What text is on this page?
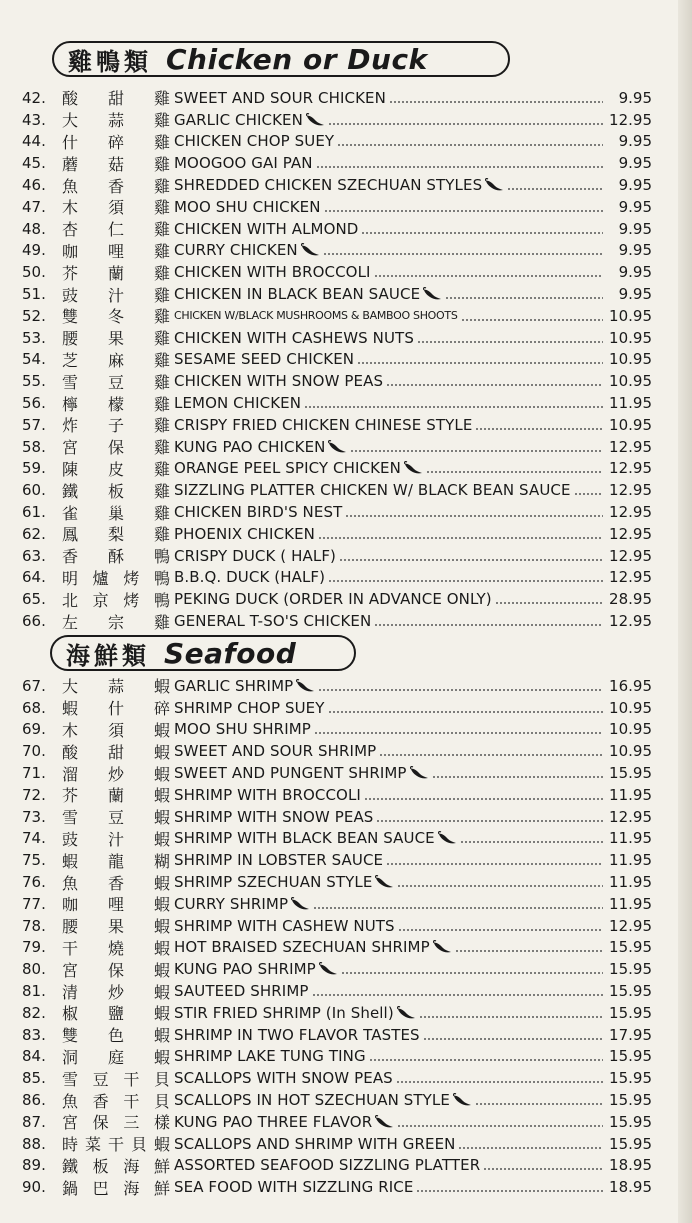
雞鴨類 Chicken or Duck
42.	酸 甜 雞 SWEET AND SOUR CHICKEN	9.95
43.	大 蒜 雞 GARLIC CHICKEN	12.95
44.	什 碎 雞 CHICKEN CHOP SUEY	9.95
45.	蘑 菇 雞 MOOGOO GAI PAN	9.95
46.	魚 香 雞 SHREDDED CHICKEN SZECHUAN STYLES	9.95
47.	木 須 雞 MOO SHU CHICKEN	9.95
48.	杏 仁 雞 CHICKEN WITH ALMOND	9.95
49.	咖 哩 雞 CURRY CHICKEN	9.95
50.	芥 蘭 雞 CHICKEN WITH BROCCOLI	9.95
51.	豉 汁 雞 CHICKEN IN BLACK BEAN SAUCE	9.95
52.	雙 冬 雞 CHICKEN W/BLACK MUSHROOMS & BAMBOO SHOOTS	10.95
53.	腰 果 雞 CHICKEN WITH CASHEWS NUTS	10.95
54.	芝 麻 雞 SESAME SEED CHICKEN	10.95
55.	雪 豆 雞 CHICKEN WITH SNOW PEAS	10.95
56.	檸 檬 雞 LEMON CHICKEN	11.95
57.	炸 子 雞 CRISPY FRIED CHICKEN CHINESE STYLE	10.95
58.	宮 保 雞 KUNG PAO CHICKEN	12.95
59.	陳 皮 雞 ORANGE PEEL SPICY CHICKEN	12.95
60.	鐵 板 雞 SIZZLING PLATTER CHICKEN W/ BLACK BEAN SAUCE	12.95
61.	雀 巢 雞 CHICKEN BIRD'S NEST	12.95
62.	鳳 梨 雞 PHOENIX CHICKEN	12.95
63.	香 酥 鴨 CRISPY DUCK ( HALF)	12.95
64.	明 爐 烤 鴨 B.B.Q. DUCK (HALF)	12.95
65.	北 京 烤 鴨 PEKING DUCK (ORDER IN ADVANCE ONLY)	28.95
66.	左 宗 雞 GENERAL T-SO'S CHICKEN	12.95
海鮮類 Seafood
67.	大 蒜 蝦 GARLIC SHRIMP	16.95
68.	蝦 什 碎 SHRIMP CHOP SUEY	10.95
69.	木 須 蝦 MOO SHU SHRIMP	10.95
70.	酸 甜 蝦 SWEET AND SOUR SHRIMP	10.95
71.	溜 炒 蝦 SWEET AND PUNGENT SHRIMP	15.95
72.	芥 蘭 蝦 SHRIMP WITH BROCCOLI	11.95
73.	雪 豆 蝦 SHRIMP WITH SNOW PEAS	12.95
74.	豉 汁 蝦 SHRIMP WITH BLACK BEAN SAUCE	11.95
75.	蝦 龍 糊 SHRIMP IN LOBSTER SAUCE	11.95
76.	魚 香 蝦 SHRIMP SZECHUAN STYLE	11.95
77.	咖 哩 蝦 CURRY SHRIMP	11.95
78.	腰 果 蝦 SHRIMP WITH CASHEW NUTS	12.95
79.	干 燒 蝦 HOT BRAISED SZECHUAN SHRIMP	15.95
80.	宮 保 蝦 KUNG PAO SHRIMP	15.95
81.	清 炒 蝦 SAUTEED SHRIMP	15.95
82.	椒 鹽 蝦 STIR FRIED SHRIMP (In Shell)	15.95
83.	雙 色 蝦 SHRIMP IN TWO FLAVOR TASTES	17.95
84.	洞 庭 蝦 SHRIMP LAKE TUNG TING	15.95
85.	雪 豆 干 貝 SCALLOPS WITH SNOW PEAS	15.95
86.	魚 香 干 貝 SCALLOPS IN HOT SZECHUAN STYLE	15.95
87.	宮 保 三 樣 KUNG PAO THREE FLAVOR	15.95
88.	時 菜 干 貝 蝦 SCALLOPS AND SHRIMP WITH GREEN	15.95
89.	鐵 板 海 鮮 ASSORTED SEAFOOD SIZZLING PLATTER	18.95
90.	鍋 巴 海 鮮 SEA FOOD WITH SIZZLING RICE	18.95
